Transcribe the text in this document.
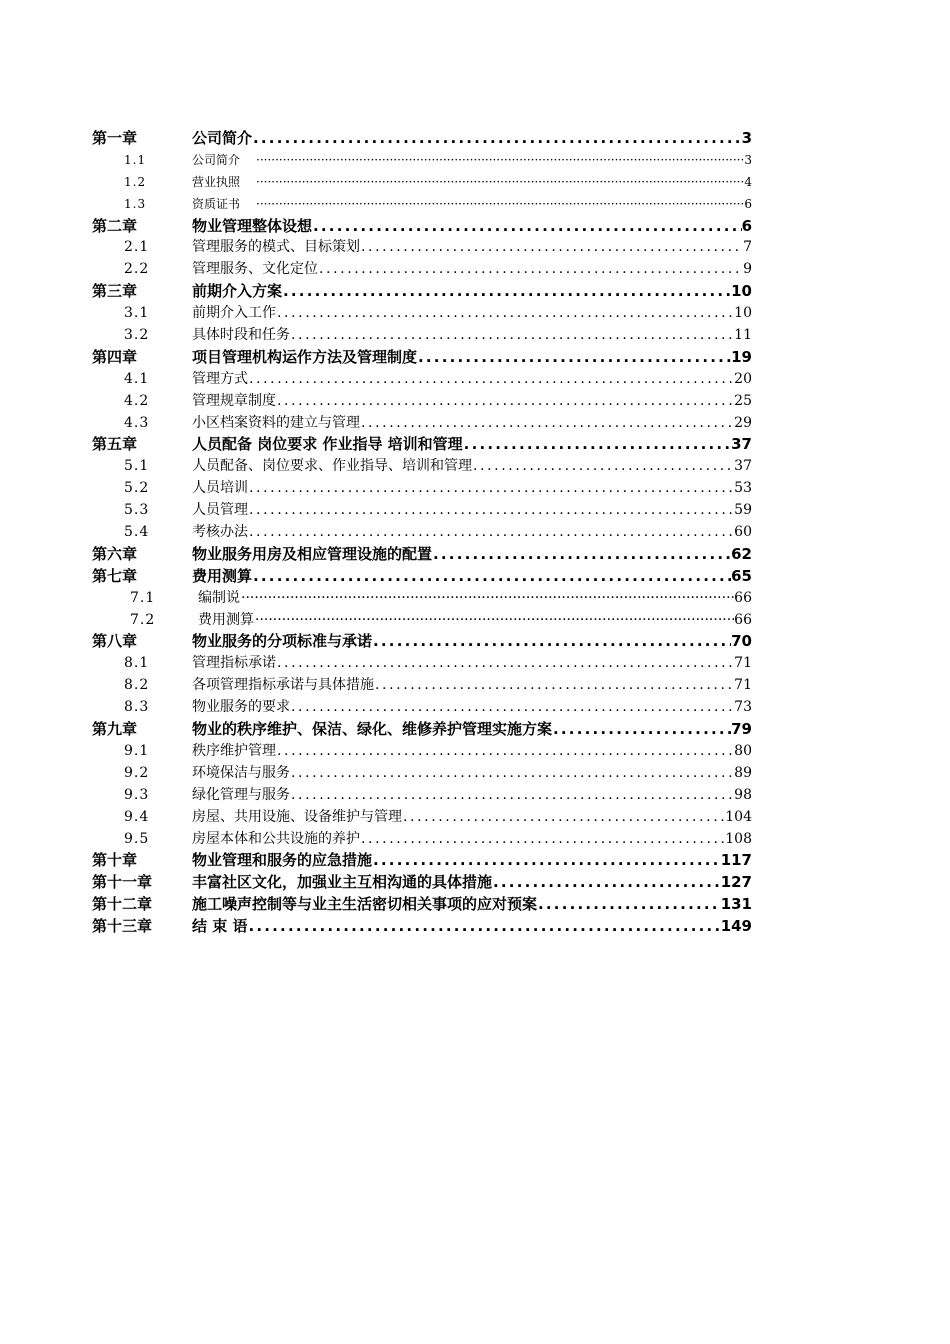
第一章	公司简介 .....	3
1.1	公司简介 ·····	3
1.2	营业执照 ·····	4
1.3	资质证书 ·····	6
第二章	物业管理整体设想 .....	6
2.1	管理服务的模式、目标策划 .....	7
2.2	管理服务、文化定位 .....	9
第三章	前期介入方案 .....	10
3.1	前期介入工作 .....	10
3.2	具体时段和任务 .....	11
第四章	项目管理机构运作方法及管理制度 .....	19
4.1	管理方式 .....	20
4.2	管理规章制度 .....	25
4.3	小区档案资料的建立与管理 .....	29
第五章	人员配备 岗位要求 作业指导 培训和管理 .....	37
5.1	人员配备、岗位要求、作业指导、培训和管理 .....	37
5.2	人员培训 .....	53
5.3	人员管理 .....	59
5.4	考核办法 .....	60
第六章	物业服务用房及相应管理设施的配置 .....	62
第七章	费用测算 .....	65
7.1	编制说 ·····	66
7.2	费用测算 ·····	66
第八章	物业服务的分项标准与承诺 .....	70
8.1	管理指标承诺 .....	71
8.2	各项管理指标承诺与具体措施 .....	71
8.3	物业服务的要求 .....	73
第九章	物业的秩序维护、保洁、绿化、维修养护管理实施方案 .....	79
9.1	秩序维护管理 .....	80
9.2	环境保洁与服务 .....	89
9.3	绿化管理与服务 .....	98
9.4	房屋、共用设施、设备维护与管理 .....	104
9.5	房屋本体和公共设施的养护 .....	108
第十章	物业管理和服务的应急措施 .....	117
第十一章	丰富社区文化，加强业主互相沟通的具体措施 .....	127
第十二章	施工噪声控制等与业主生活密切相关事项的应对预案 .....	131
第十三章	结 束 语 .....	149
